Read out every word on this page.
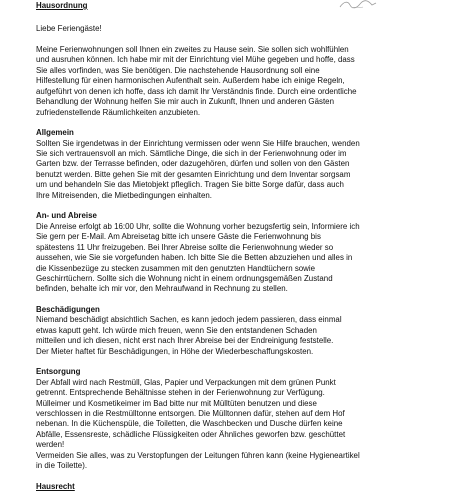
Hausordnung
Liebe Feriengäste!
Meine Ferienwohnungen soll Ihnen ein zweites zu Hause sein. Sie sollen sich wohlfühlen
und ausruhen können. Ich habe mir mit der Einrichtung viel Mühe gegeben und hoffe, dass
Sie alles vorfinden, was Sie benötigen. Die nachstehende Hausordnung soll eine
Hilfestellung für einen harmonischen Aufenthalt sein. Außerdem habe ich einige Regeln,
aufgeführt von denen ich hoffe, dass ich damit Ihr Verständnis finde. Durch eine ordentliche
Behandlung der Wohnung helfen Sie mir auch in Zukunft, Ihnen und anderen Gästen
zufriedenstellende Räumlichkeiten anzubieten.
Allgemein
Sollten Sie irgendetwas in der Einrichtung vermissen oder wenn Sie Hilfe brauchen, wenden
Sie sich vertrauensvoll an mich. Sämtliche Dinge, die sich in der Ferienwohnung oder im
Garten bzw. der Terrasse befinden, oder dazugehören, dürfen und sollen von den Gästen
benutzt werden. Bitte gehen Sie mit der gesamten Einrichtung und dem Inventar sorgsam
um und behandeln Sie das Mietobjekt pfleglich. Tragen Sie bitte Sorge dafür, dass auch
Ihre Mitreisenden, die Mietbedingungen einhalten.
An- und Abreise
Die Anreise erfolgt ab 16:00 Uhr, sollte die Wohnung vorher bezugsfertig sein, Informiere ich
Sie gern per E-Mail. Am Abreisetag bitte ich unsere Gäste die Ferienwohnung bis
spätestens 11 Uhr freizugeben. Bei Ihrer Abreise sollte die Ferienwohnung wieder so
aussehen, wie Sie sie vorgefunden haben. Ich bitte Sie die Betten abzuziehen und alles in
die Kissenbezüge zu stecken zusammen mit den genutzten Handtüchern sowie
Geschirrtüchern. Sollte sich die Wohnung nicht in einem ordnungsgemäßen Zustand
befinden, behalte ich mir vor, den Mehraufwand in Rechnung zu stellen.
Beschädigungen
Niemand beschädigt absichtlich Sachen, es kann jedoch jedem passieren, dass einmal
etwas kaputt geht. Ich würde mich freuen, wenn Sie den entstandenen Schaden
mitteilen und ich diesen, nicht erst nach Ihrer Abreise bei der Endreinigung feststelle.
Der Mieter haftet für Beschädigungen, in Höhe der Wiederbeschaffungskosten.
Entsorgung
Der Abfall wird nach Restmüll, Glas, Papier und Verpackungen mit dem grünen Punkt
getrennt. Entsprechende Behältnisse stehen in der Ferienwohnung zur Verfügung.
Mülleimer und Kosmetikeimer im Bad bitte nur mit Mülltüten benutzen und diese
verschlossen in die Restmülltonne entsorgen. Die Mülltonnen dafür, stehen auf dem Hof
nebenan. In die Küchenspüle, die Toiletten, die Waschbecken und Dusche dürfen keine
Abfälle, Essensreste, schädliche Flüssigkeiten oder Ähnliches geworfen bzw. geschüttet
werden!
Vermeiden Sie alles, was zu Verstopfungen der Leitungen führen kann (keine Hygieneartikel
in die Toilette).
Hausrecht
